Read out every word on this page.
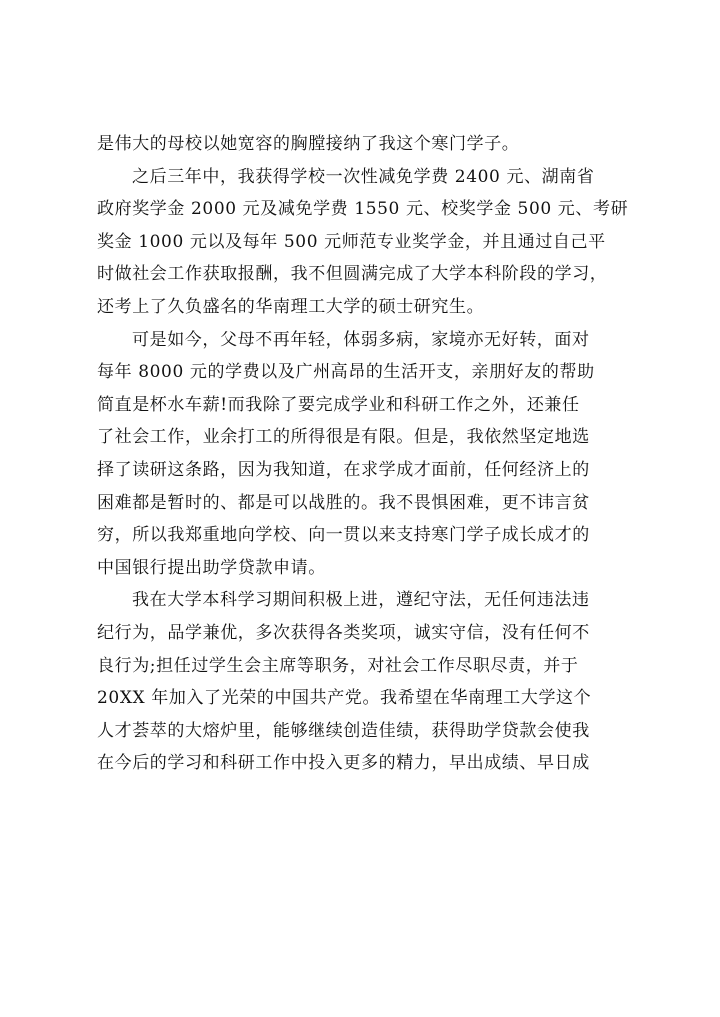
是伟大的母校以她宽容的胸膛接纳了我这个寒门学子。
之后三年中，我获得学校一次性减免学费 2400 元、湖南省
政府奖学金 2000 元及减免学费 1550 元、校奖学金 500 元、考研
奖金 1000 元以及每年 500 元师范专业奖学金，并且通过自己平
时做社会工作获取报酬，我不但圆满完成了大学本科阶段的学习，
还考上了久负盛名的华南理工大学的硕士研究生。
可是如今，父母不再年轻，体弱多病，家境亦无好转，面对
每年 8000 元的学费以及广州高昂的生活开支，亲朋好友的帮助
简直是杯水车薪!而我除了要完成学业和科研工作之外，还兼任
了社会工作，业余打工的所得很是有限。但是，我依然坚定地选
择了读研这条路，因为我知道，在求学成才面前，任何经济上的
困难都是暂时的、都是可以战胜的。我不畏惧困难，更不讳言贫
穷，所以我郑重地向学校、向一贯以来支持寒门学子成长成才的
中国银行提出助学贷款申请。
我在大学本科学习期间积极上进，遵纪守法，无任何违法违
纪行为，品学兼优，多次获得各类奖项，诚实守信，没有任何不
良行为;担任过学生会主席等职务，对社会工作尽职尽责，并于
20XX 年加入了光荣的中国共产党。我希望在华南理工大学这个
人才荟萃的大熔炉里，能够继续创造佳绩，获得助学贷款会使我
在今后的学习和科研工作中投入更多的精力，早出成绩、早日成
